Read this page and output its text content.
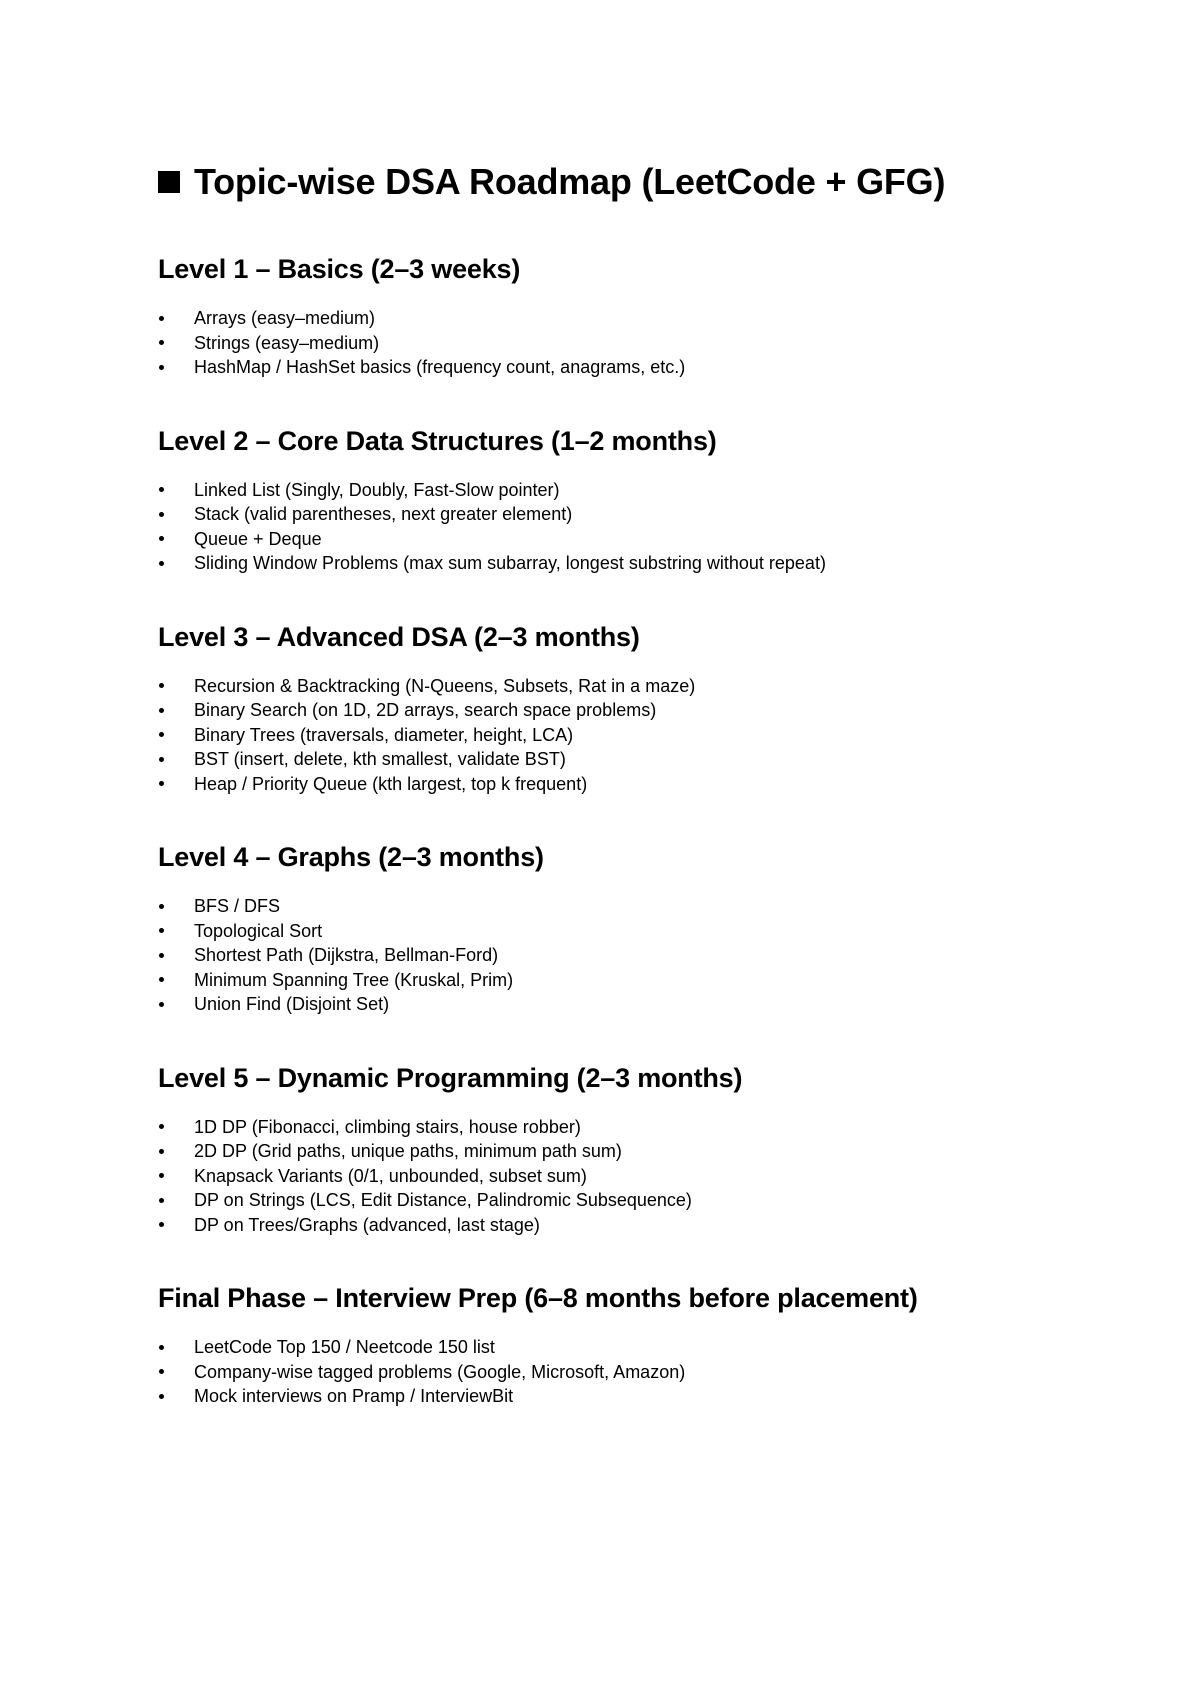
Topic-wise DSA Roadmap (LeetCode + GFG)
Level 1 – Basics (2–3 weeks)
Arrays (easy–medium)
Strings (easy–medium)
HashMap / HashSet basics (frequency count, anagrams, etc.)
Level 2 – Core Data Structures (1–2 months)
Linked List (Singly, Doubly, Fast-Slow pointer)
Stack (valid parentheses, next greater element)
Queue + Deque
Sliding Window Problems (max sum subarray, longest substring without repeat)
Level 3 – Advanced DSA (2–3 months)
Recursion & Backtracking (N-Queens, Subsets, Rat in a maze)
Binary Search (on 1D, 2D arrays, search space problems)
Binary Trees (traversals, diameter, height, LCA)
BST (insert, delete, kth smallest, validate BST)
Heap / Priority Queue (kth largest, top k frequent)
Level 4 – Graphs (2–3 months)
BFS / DFS
Topological Sort
Shortest Path (Dijkstra, Bellman-Ford)
Minimum Spanning Tree (Kruskal, Prim)
Union Find (Disjoint Set)
Level 5 – Dynamic Programming (2–3 months)
1D DP (Fibonacci, climbing stairs, house robber)
2D DP (Grid paths, unique paths, minimum path sum)
Knapsack Variants (0/1, unbounded, subset sum)
DP on Strings (LCS, Edit Distance, Palindromic Subsequence)
DP on Trees/Graphs (advanced, last stage)
Final Phase – Interview Prep (6–8 months before placement)
LeetCode Top 150 / Neetcode 150 list
Company-wise tagged problems (Google, Microsoft, Amazon)
Mock interviews on Pramp / InterviewBit
